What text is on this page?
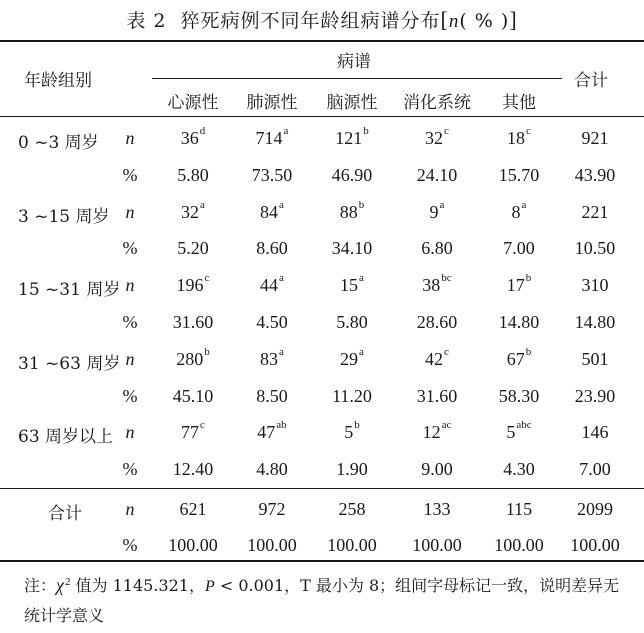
表 2 猝死病例不同年龄组病谱分布[n( % )]
年龄组别
病谱
合计
心源性 肺源性 脑源性 消化系统 其他
0 ~3 周岁 n	36$^d$	714$^a$	121$^b$	32$^c$	18$^c$	921
% 5.80 73.50 46.90 24.10 15.70 43.90
3 ~15 周岁 n	32$^a$	84$^a$	88$^b$	9$^a$	8$^a$	221
% 5.20	8.60 34.10	6.80	7.00 10.50
15 ~31 周岁 n 196$^c$	44$^a$	15$^a$	$38^{bc}$	17$^b$	310
% 31.60 4.50	5.80	28.60 14.80 14.80
31 ~63 周岁 n 280$^b$	83$^a$	29$^a$	42$^c$	67$^b$	501
% 45.10 8.50 11.20 31.60 58.30 23.90
63 周岁以上 n	77$^c$	$47^{ab}$	5$^b$	$12^{ac}$	$5^{abc}$	146
% 12.40 4.80	1.90	9.00	4.30 7.00
合计 n	621	972	258	133	115 2099
% 100.00 100.00 100.00 100.00 100.00 100.00
注：$\chi^2$ 值为 1145.321，P < 0.001，T 最小为 8；组间字母标记一致，说明差异无统计学意义
